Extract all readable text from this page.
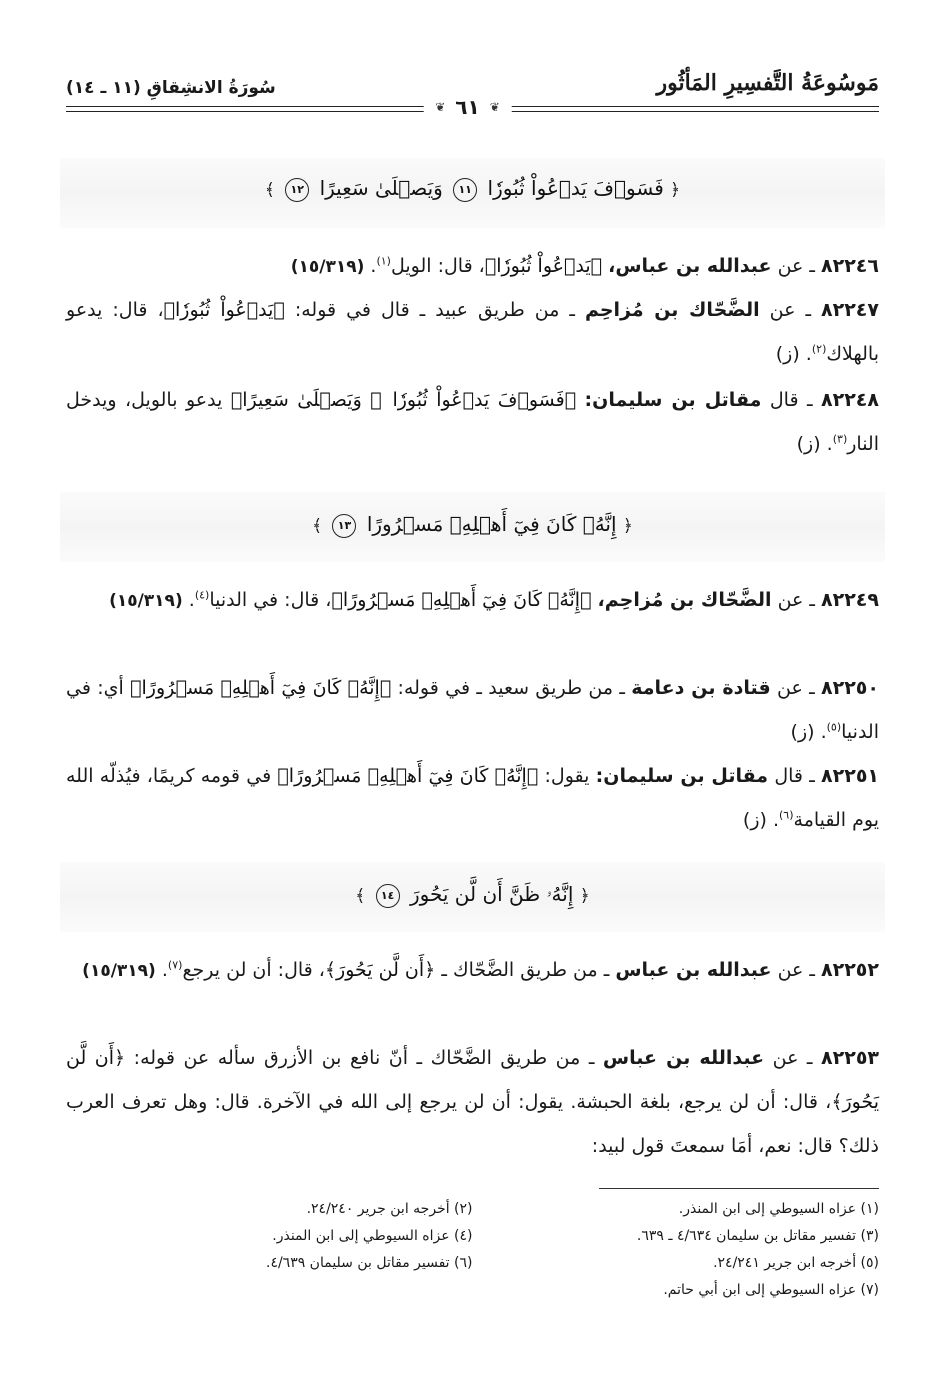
مَوسُوعَةُ التَّفسِيرِ المَأثُور
سُورَةُ الانشِقاقِ (١١ ـ ١٤)
❦ ٦١ ❦
﴿ فَسَوۡفَ يَدۡعُواْ ثُبُورٗا ١١ وَيَصۡلَىٰ سَعِيرًا ١٢ ﴾
٨٢٢٤٦ ـ عن عبدالله بن عباس، ﴿يَدۡعُواْ ثُبُورٗا﴾، قال: الويل$^{(١)}$. (١٥/٣١٩)
٨٢٢٤٧ ـ عن الضَّحّاك بن مُزاحِم ـ من طريق عبيد ـ قال في قوله: ﴿يَدۡعُواْ ثُبُورٗا﴾، قال: يدعو بالهلاك$^{(٢)}$. (ز)
٨٢٢٤٨ ـ قال مقاتل بن سليمان: ﴿فَسَوۡفَ يَدۡعُواْ ثُبُورٗا ⑪ وَيَصۡلَىٰ سَعِيرًا﴾ يدعو بالويل، ويدخل النار$^{(٣)}$. (ز)
﴿ إِنَّهُۥ كَانَ فِيٓ أَهۡلِهِۦ مَسۡرُورًا ١٣ ﴾
٨٢٢٤٩ ـ عن الضَّحّاك بن مُزاحِم، ﴿إِنَّهُۥ كَانَ فِيٓ أَهۡلِهِۦ مَسۡرُورًا﴾، قال: في الدنيا$^{(٤)}$. (١٥/٣١٩)
٨٢٢٥٠ ـ عن قتادة بن دعامة ـ من طريق سعيد ـ في قوله: ﴿إِنَّهُۥ كَانَ فِيٓ أَهۡلِهِۦ مَسۡرُورًا﴾ أي: في الدنيا$^{(٥)}$. (ز)
٨٢٢٥١ ـ قال مقاتل بن سليمان: يقول: ﴿إِنَّهُۥ كَانَ فِيٓ أَهۡلِهِۦ مَسۡرُورًا﴾ في قومه كريمًا، فيُذلّه الله يوم القيامة$^{(٦)}$. (ز)
﴿ إِنَّهُۥ ظَنَّ أَن لَّن يَحُورَ ١٤ ﴾
٨٢٢٥٢ ـ عن عبدالله بن عباس ـ من طريق الضَّحّاك ـ ﴿أَن لَّن يَحُورَ﴾، قال: أن لن يرجع$^{(٧)}$. (١٥/٣١٩)
٨٢٢٥٣ ـ عن عبدالله بن عباس ـ من طريق الضَّحّاك ـ أنّ نافع بن الأزرق سأله عن قوله: ﴿أَن لَّن يَحُورَ﴾، قال: أن لن يرجع، بلغة الحبشة. يقول: أن لن يرجع إلى الله في الآخرة. قال: وهل تعرف العرب ذلك؟ قال: نعم، أمَا سمعتَ قول لبيد:
(١) عزاه السيوطي إلى ابن المنذر.
(٢) أخرجه ابن جرير ٢٤/٢٤٠.
(٣) تفسير مقاتل بن سليمان ٤/٦٣٤ ـ ٦٣٩.
(٤) عزاه السيوطي إلى ابن المنذر.
(٥) أخرجه ابن جرير ٢٤/٢٤١.
(٦) تفسير مقاتل بن سليمان ٤/٦٣٩.
(٧) عزاه السيوطي إلى ابن أبي حاتم.
